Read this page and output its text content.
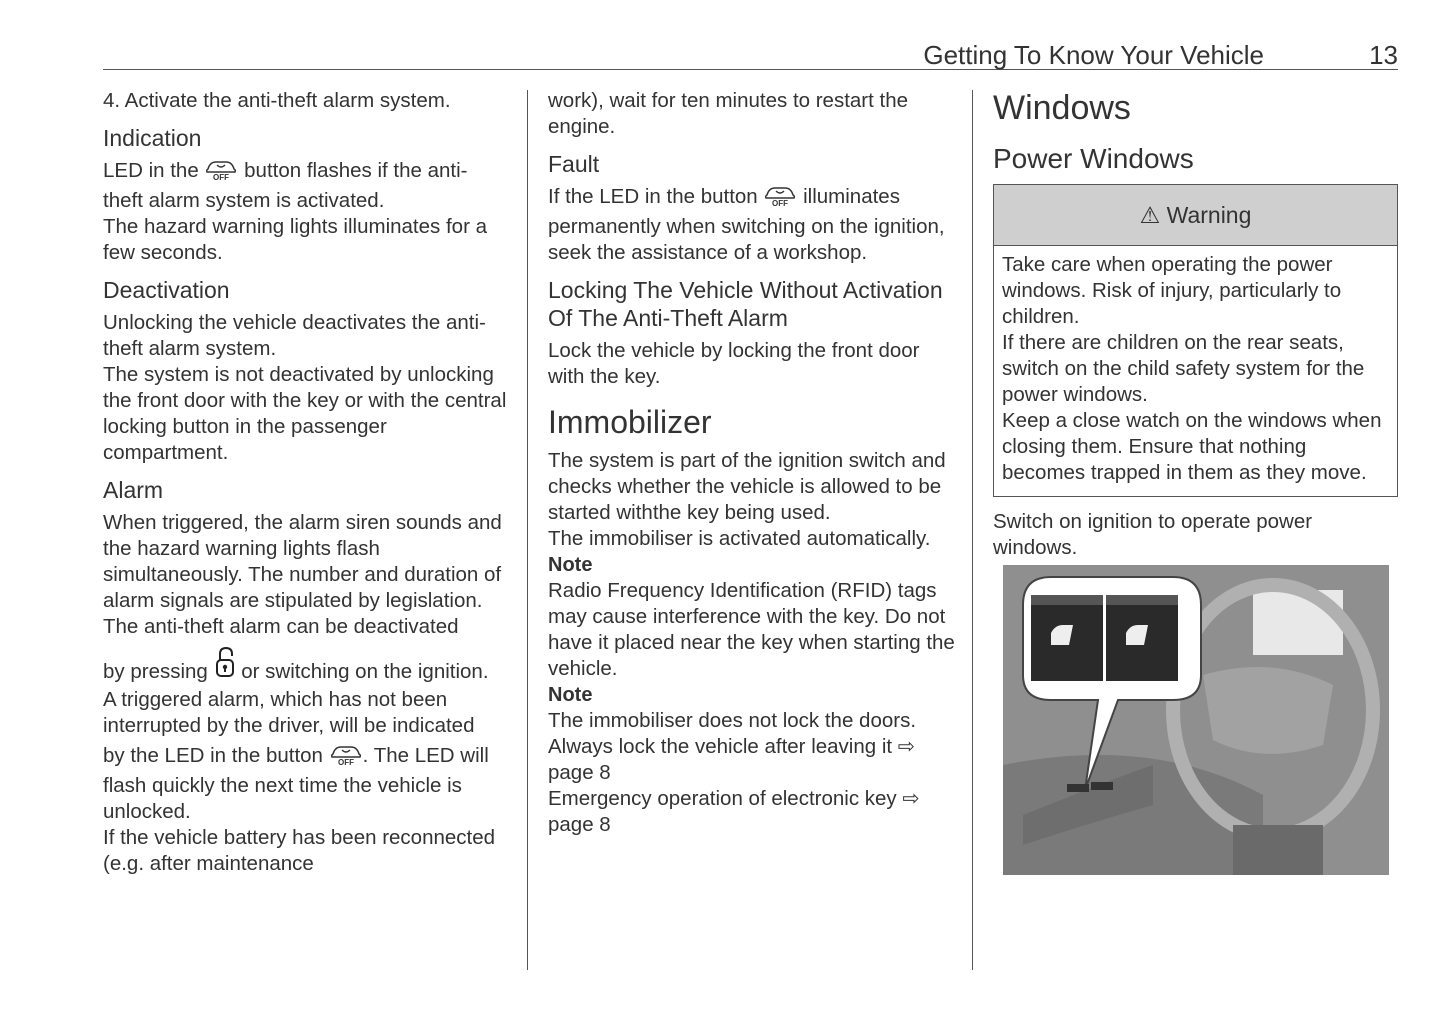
Getting To Know Your Vehicle	13

4. Activate the anti-theft alarm system.

Indication

LED in the OFF button flashes if the anti- theft alarm system is activated.

The hazard warning lights illuminates for a few seconds.

Deactivation

Unlocking the vehicle deactivates the anti-theft alarm system.

The system is not deactivated by unlocking the front door with the key or with the central locking button in the passenger compartment.

Alarm

When triggered, the alarm siren sounds and the hazard warning lights flash simultaneously. The number and duration of alarm signals are stipulated by legislation.

The anti-theft alarm can be deactivated

by pressing or switching on the ignition.

A triggered alarm, which has not been interrupted by the driver, will be indicated

by the LED in the button OFF . The LED will flash quickly the next time the vehicle is unlocked.

If the vehicle battery has been reconnected (e.g. after maintenance

work), wait for ten minutes to restart the engine.

Fault

If the LED in the button OFF illuminates permanently when switching on the ignition, seek the assistance of a workshop.

Locking The Vehicle Without Activation Of The Anti-Theft Alarm

Lock the vehicle by locking the front door with the key.

Immobilizer

The system is part of the ignition switch and checks whether the vehicle is allowed to be started withthe key being used.

The immobiliser is activated automatically.

Note

Radio Frequency Identification (RFID) tags may cause interference with the key. Do not have it placed near the key when starting the vehicle.

Note

The immobiliser does not lock the doors.

Always lock the vehicle after leaving it ⇨ page 8

Emergency operation of electronic key ⇨ page 8

Windows
Power Windows
⚠ Warning

Take care when operating the power windows. Risk of injury, particularly to children.

If there are children on the rear seats, switch on the child safety system for the power windows.

Keep a close watch on the windows when closing them. Ensure that nothing becomes trapped in them as they move.

Switch on ignition to operate power windows.
